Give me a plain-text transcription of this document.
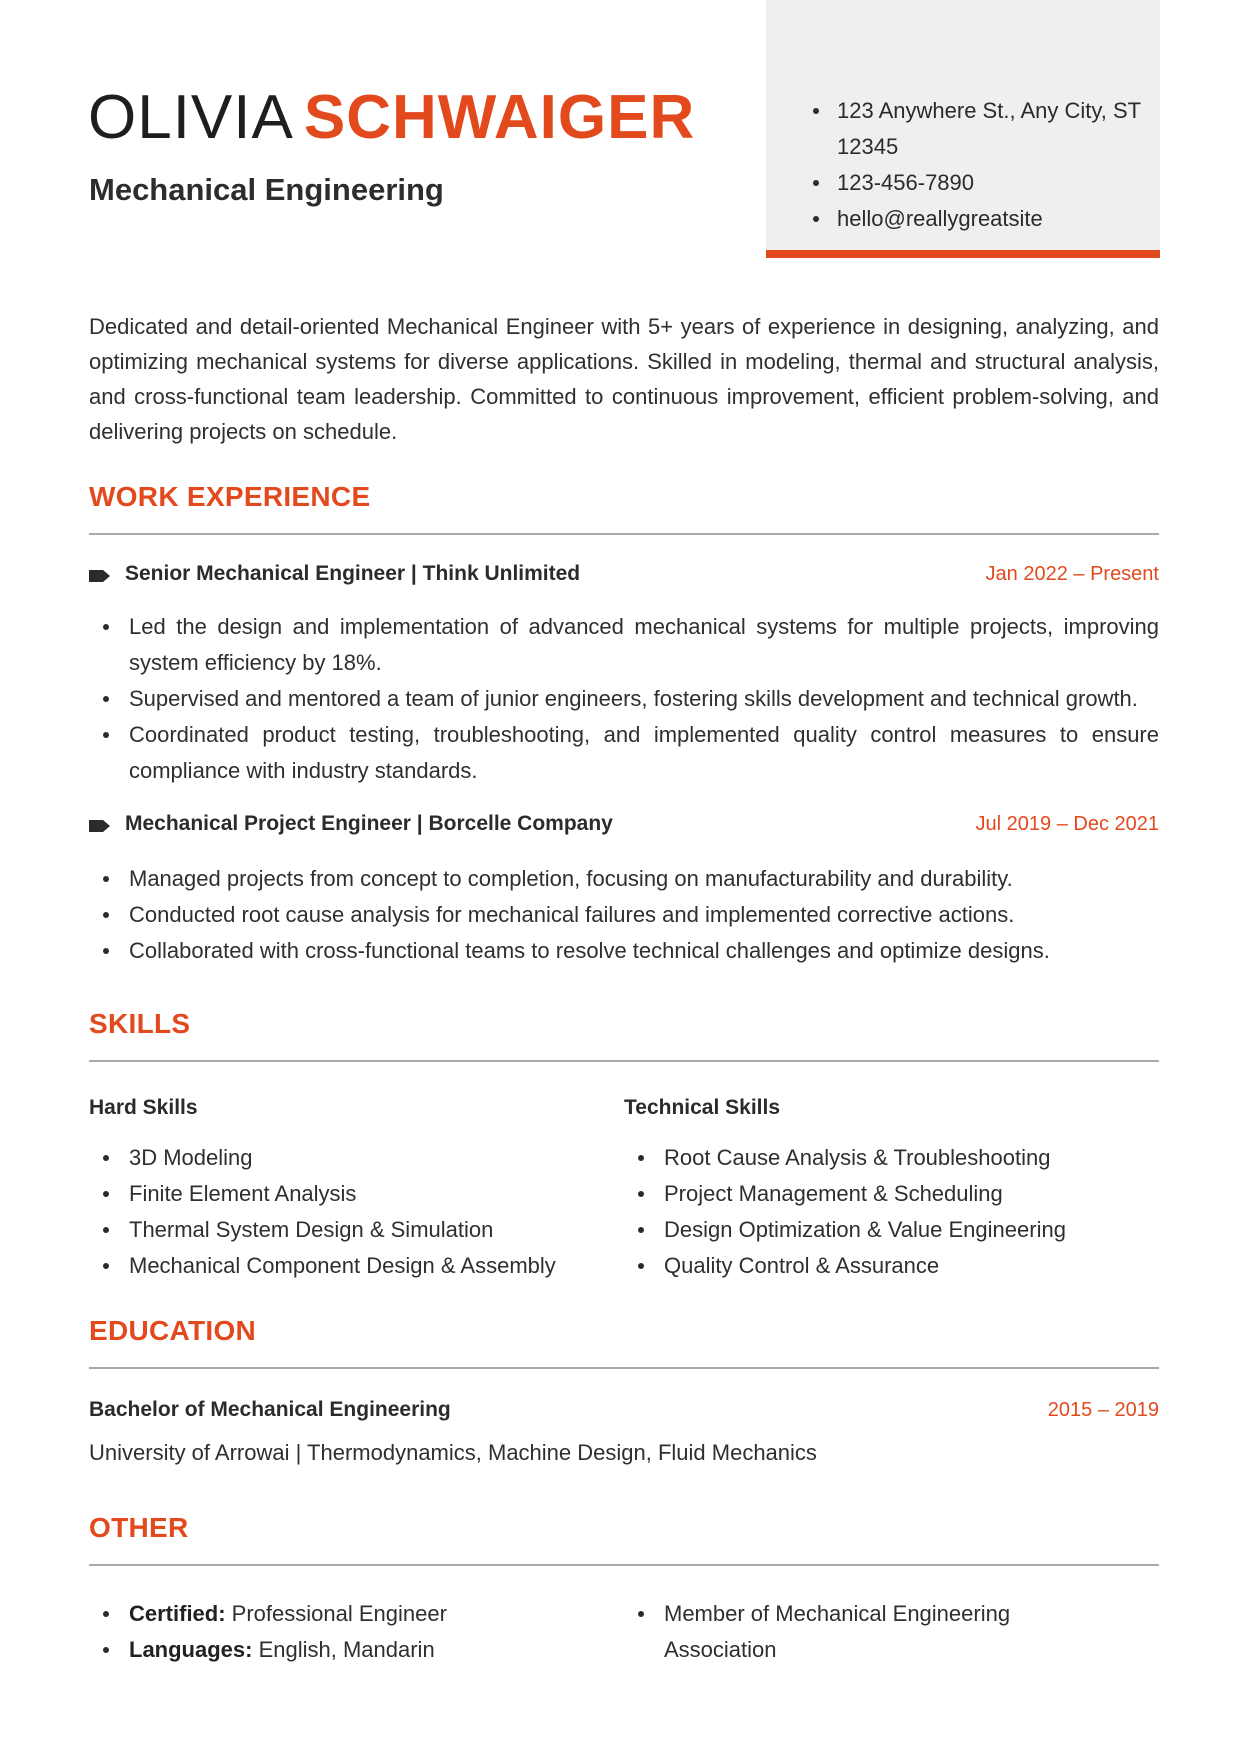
OLIVIA SCHWAIGER
Mechanical Engineering
123 Anywhere St., Any City, ST 12345
123-456-7890
hello@reallygreatsite

Dedicated and detail-oriented Mechanical Engineer with 5+ years of experience in designing, analyzing, and optimizing mechanical systems for diverse applications. Skilled in modeling, thermal and structural analysis, and cross-functional team leadership. Committed to continuous improvement, efficient problem-solving, and delivering projects on schedule.

WORK EXPERIENCE
Senior Mechanical Engineer | Think Unlimited	Jan 2022 – Present
Led the design and implementation of advanced mechanical systems for multiple projects, improving system efficiency by 18%.
Supervised and mentored a team of junior engineers, fostering skills development and technical growth.
Coordinated product testing, troubleshooting, and implemented quality control measures to ensure compliance with industry standards.
Mechanical Project Engineer | Borcelle Company	Jul 2019 – Dec 2021
Managed projects from concept to completion, focusing on manufacturability and durability.
Conducted root cause analysis for mechanical failures and implemented corrective actions.
Collaborated with cross-functional teams to resolve technical challenges and optimize designs.
SKILLS
Hard Skills
3D Modeling
Finite Element Analysis
Thermal System Design & Simulation
Mechanical Component Design & Assembly
Technical Skills
Root Cause Analysis & Troubleshooting
Project Management & Scheduling
Design Optimization & Value Engineering
Quality Control & Assurance
EDUCATION
Bachelor of Mechanical Engineering	2015 – 2019
University of Arrowai | Thermodynamics, Machine Design, Fluid Mechanics
OTHER
Certified: Professional Engineer
Languages: English, Mandarin
Member of Mechanical Engineering Association
